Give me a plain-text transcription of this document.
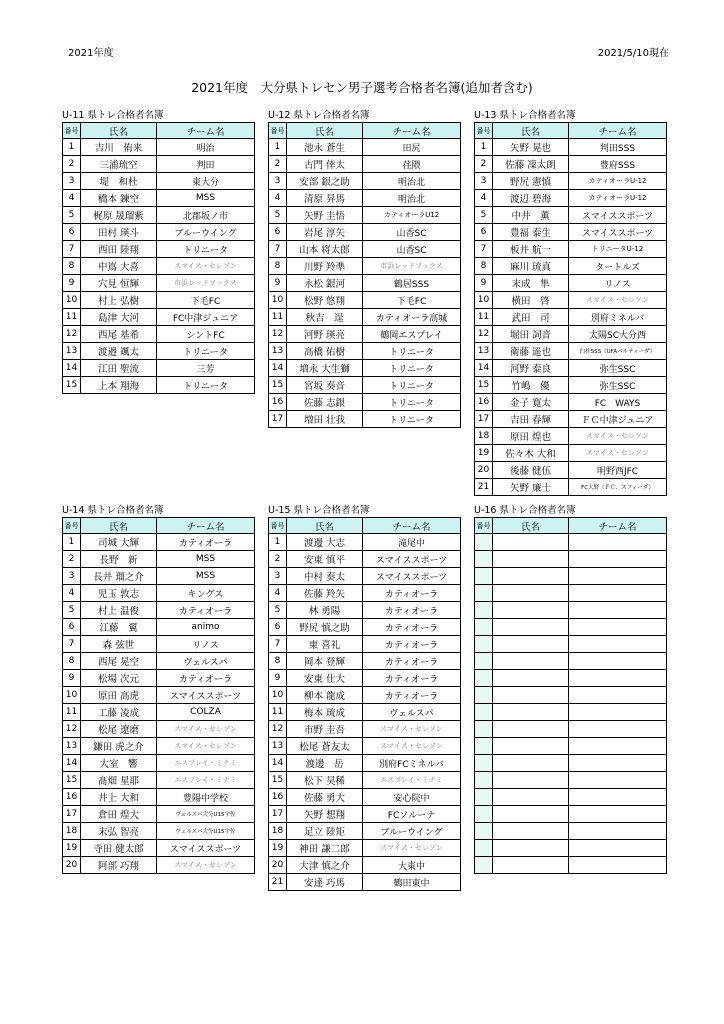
2021年度	2021/5/10現在
2021年度　大分県トレセン男子選考合格者名簿(追加者含む)
U-11 県トレ合格者名簿
番号	氏名	チーム名
1	吉川　侑来	明治
2	三浦琉空	判田
3	堤　和杜	東大分
4	橋本 鍊空	MSS
5	梶原 晟瑠紫	北郡坂ノ市
6	田村 瑛斗	ブルーウイング
7	西田 陸翔	トリニータ
8	中嶌 大喜	スマイス・セレソン
9	穴見 恒輝	市浜レッドソックス
10	村上 弘樹	下毛FC
11	島津 大河	FC中津ジュニア
12	西尾 基希	シントFC
13	渡邉 颯太	トリニータ
14	江田 聖流	三芳
15	上本 翔海	トリニータ
U-12 県トレ合格者名簿
番号	氏名	チーム名
1	池永 蒼生	田尻
2	古門 倖太	荏隈
3	安部 銀之助	明治北
4	清原 昇馬	明治北
5	矢野 圭悟	カティオーラU12
6	岩尾 淳矢	山香SC
7	山本 将太郎	山香SC
8	川野 羚凖	市浜レッドソックス
9	永松 銀河	鶴居SSS
10	松野 悠翔	下毛FC
11	秋吉　逞	カティオーラ高城
12	河野 瑛亮	鶴岡エスプレイ
13	高橋 佑樹	トリニータ
14	増永 大生獅	トリニータ
15	宮坂 奏音	トリニータ
16	佐藤 志銀	トリニータ
17	増田 壮我	トリニータ
U-13 県トレ合格者名簿
番号	氏名	チーム名
1	矢野 晃也	判田SSS
2	佐藤 凜太朗	豊府SSS
3	野尻 憲慎	カティオーラU-12
4	渡辺 碧海	カティオーラU-12
5	中井　薫	スマイススポーツ
6	豊福 泰生	スマイススポーツ
7	板井 航一	トリニータU-12
8	麻川 琉真	タートルズ
9	末成　隼	リノス
10	横田　啓	スマイス・セレソン
11	武田　司	別府ミネルバ
12	堀田 詞音	太陽SC大分西
13	衛藤 遥也	臼杵SSS（UFAバルティーダ）
14	河野 泰良	弥生SSC
15	竹嶋　優	弥生SSC
16	金子 寛太	FC　WAYS
17	吉田 春輝	ＦＣ中津ジュニア
18	原田 煌也	スマイス・セレソン
19	佐々木 大和	スマイス・セレソン
20	後藤 健伍	明野西JFC
21	矢野 廉士	FC大野（ＦＣ．スフィーダ）
U-14 県トレ合格者名簿
番号	氏名	チーム名
1	司城 大輝	カティオーラ
2	長野　新	MSS
3	長井 瑠之介	MSS
4	児玉 敦志	キングス
5	村上 温俊	カティオーラ
6	江藤　翼	animo
7	森 弦世	リノス
8	西尾 晃空	ヴェルスパ
9	松場 次元	カティオーラ
10	原田 高虎	スマイススポーツ
11	工藤 凌成	COLZA
12	松尾 遼磨	スマイス・セレソン
13	鎌田 虎之介	スマイス・セレソン
14	大室　響	エスプレイ・ミナミ
15	髙畑 星耶	エスプレイ・ミナミ
16	井上 大和	豊陽中学校
17	倉田 煌大	ヴェルスパ大分U15宇佐
18	末弘 智亮	ヴェルスパ大分U15宇佐
19	寺田 健太郎	スマイススポーツ
20	阿部 巧翔	スマイス・セレソン
U-15 県トレ合格者名簿
番号	氏名	チーム名
1	渡邊 大志	滝尾中
2	安東 慎平	スマイススポーツ
3	中村 奏太	スマイススポーツ
4	佐藤 羚矢	カティオーラ
5	林 勇陽	カティオーラ
6	野尻 慎之助	カティオーラ
7	東 喜礼	カティオーラ
8	岡本 登輝	カティオーラ
9	安東 仕大	カティオーラ
10	柳本 龍成	カティオーラ
11	梅本 琉成	ヴェルスパ
12	市野 圭吾	スマイス・セレソン
13	松尾 蒼友太	スマイス・セレソン
14	渡邊　岳	別府FCミネルバ
15	松下 昊稀	エスプレイ・ミナミ
16	佐藤 勇大	安心院中
17	矢野 想翔	FCソルーナ
18	足立 陸矩	ブルーウイング
19	神田 謙二郎	スマイス・セレソン
20	大津 慎之介	大東中
21	安達 巧馬	鶴田東中
U-16 県トレ合格者名簿
番号	氏名	チーム名
